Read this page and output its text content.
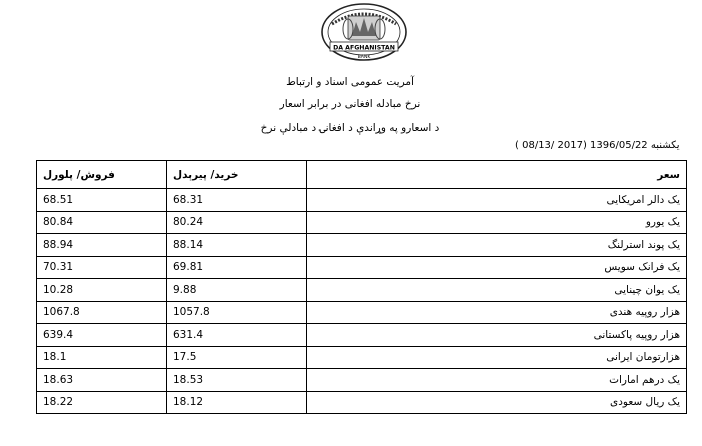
DA AFGHANISTAN
BANK
آمریت عمومی اسناد و ارتباط
نرخ مبادله افغانی در برابر اسعار
د اسعارو په وړاندې د افغانۍ د مبادلې نرخ
یکشنبه 1396/05/22 (2017 /08/13 )
فروش/ پلورل	خرید/ پیرېدل	سعر
68.51	68.31	یک دالر امریکایی
80.84	80.24	یک یورو
88.94	88.14	یک پوند استرلنگ
70.31	69.81	یک فرانک سویس
10.28	9.88	یک یوان چینایی
1067.8	1057.8	هزار روپیه هندی
639.4	631.4	هزار روپیه پاکستانی
18.1	17.5	هزارتومان ایرانی
18.63	18.53	یک درهم امارات
18.22	18.12	یک ریال سعودی
